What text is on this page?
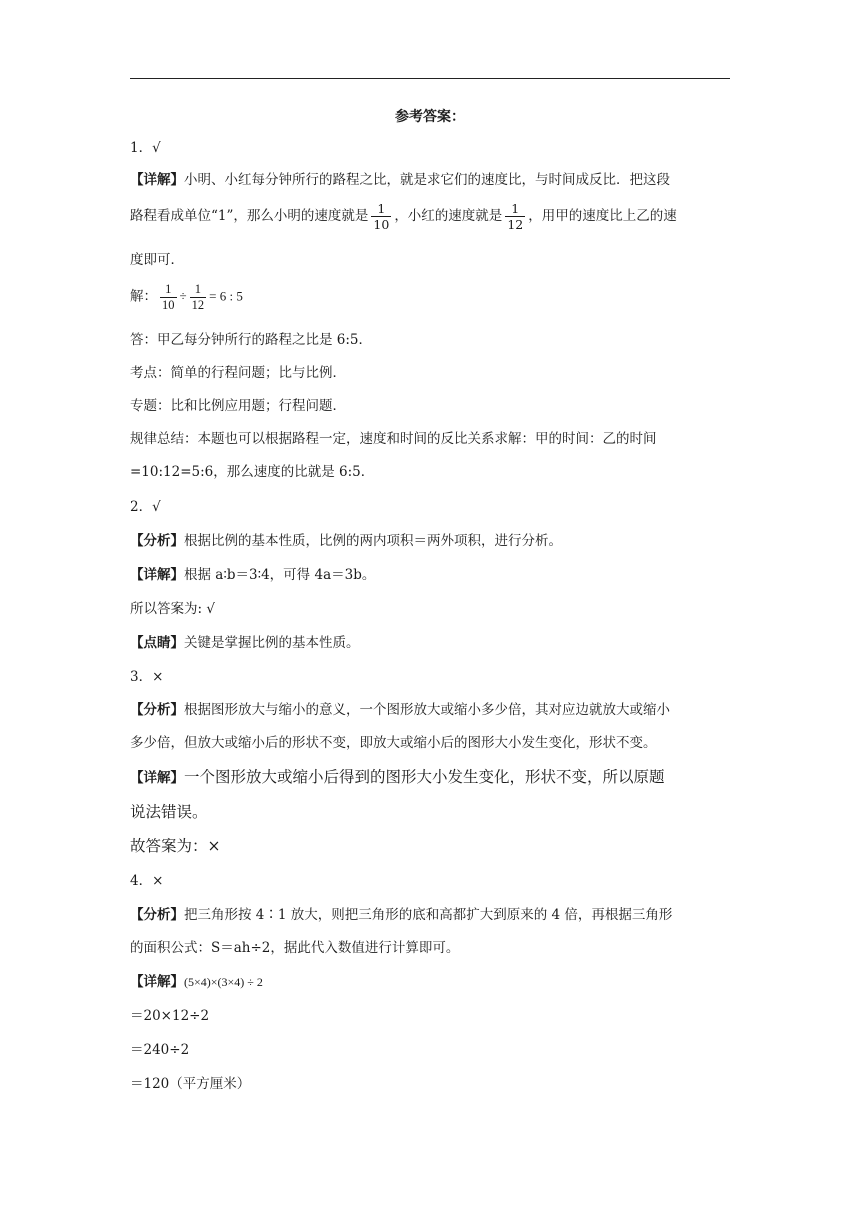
参考答案：
1．√
【详解】小明、小红每分钟所行的路程之比，就是求它们的速度比，与时间成反比．把这段
路程看成单位“1”，那么小明的速度就是 $\frac{1}{10}$ ，小红的速度就是 $\frac{1}{12}$ ，用甲的速度比上乙的速
度即可．
解： $\frac{1}{10} \div \frac{1}{12} = 6$ : 5
答：甲乙每分钟所行的路程之比是 6:5．
考点：简单的行程问题；比与比例．
专题：比和比例应用题；行程问题．
规律总结：本题也可以根据路程一定，速度和时间的反比关系求解：甲的时间：乙的时间
=10:12=5:6，那么速度的比就是 6:5．
2．√
【分析】根据比例的基本性质，比例的两内项积＝两外项积，进行分析。
【详解】根据 a∶b＝3∶4，可得 4a＝3b。
所以答案为: √
【点睛】关键是掌握比例的基本性质。
3．×
【分析】根据图形放大与缩小的意义，一个图形放大或缩小多少倍，其对应边就放大或缩小
多少倍，但放大或缩小后的形状不变，即放大或缩小后的图形大小发生变化，形状不变。
【详解】一个图形放大或缩小后得到的图形大小发生变化，形状不变，所以原题
说法错误。
故答案为：×
4．×
【分析】把三角形按 4∶1 放大，则把三角形的底和高都扩大到原来的 4 倍，再根据三角形
的面积公式：S＝ah÷2，据此代入数值进行计算即可。
【详解】(5×4)×(3×4) ÷ 2
＝20×12÷2
＝240÷2
＝120（平方厘米）
